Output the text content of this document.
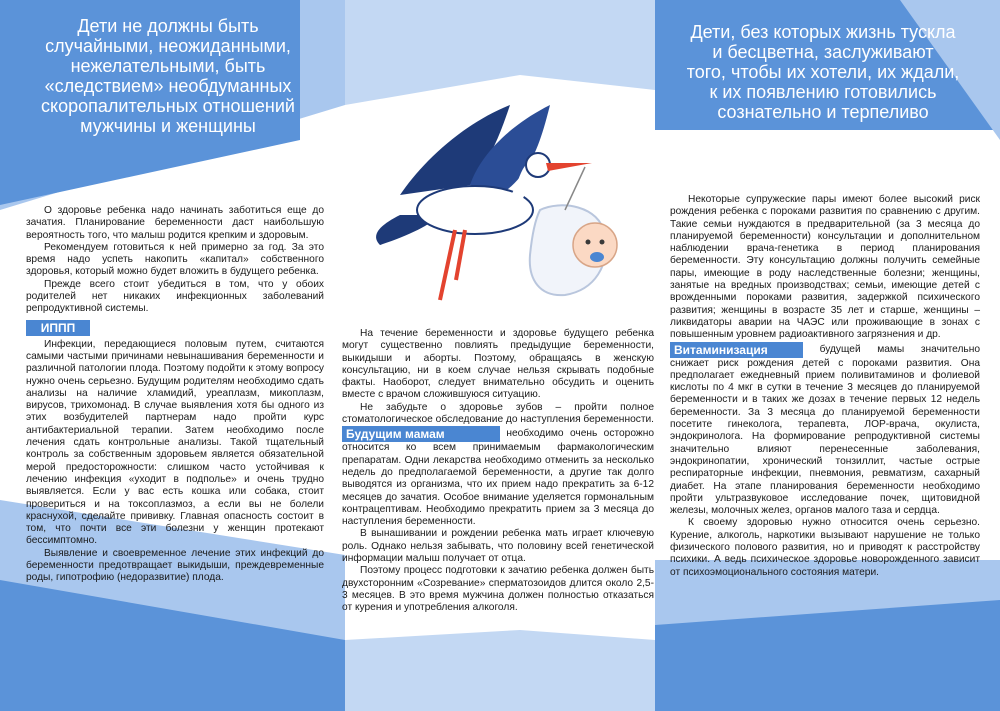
Дети не должны быть
случайными, неожиданными,
нежелательными, быть
«следствием» необдуманных
скоропалительных отношений
мужчины и женщины
Дети, без которых жизнь тускла
и бесцветна, заслуживают
того, чтобы их хотели, их ждали,
к их появлению готовились
сознательно и терпеливо

О здоровье ребенка надо начинать заботиться еще до зачатия. Планирование беременности даст наибольшую вероятность того, что малыш родится крепким и здоровым.

Рекомендуем готовиться к ней примерно за год. За это время надо успеть накопить «капитал» собственного здоровья, который можно будет вложить в будущего ребенка.

Прежде всего стоит убедиться в том, что у обоих родителей нет никаких инфекционных заболеваний репродуктивной системы.

ИППП

Инфекции, передающиеся половым путем, считаются самыми частыми причинами невынашивания беременности и различной патологии плода. Поэтому подойти к этому вопросу нужно очень серьезно. Будущим родителям необходимо сдать анализы на наличие хламидий, уреаплазм, микоплазм, вирусов, трихомонад. В случае выявления хотя бы одного из этих возбудителей партнерам надо пройти курс антибактериальной терапии. Затем необходимо после лечения сдать контрольные анализы. Такой тщательный контроль за собственным здоровьем является обязательной мерой предосторожности: слишком часто устойчивая к лечению инфекция «уходит в подполье» и очень трудно выявляется. Если у вас есть кошка или собака, стоит провериться и на токсоплазмоз, а если вы не болели краснухой, сделайте прививку. Главная опасность состоит в том, что почти все эти болезни у женщин протекают бессимптомно.

Выявление и своевременное лечение этих инфекций до беременности предотвращает выкидыши, преждевременные роды, гипотрофию (недоразвитие) плода.

На течение беременности и здоровье будущего ребенка могут существенно повлиять предыдущие беременности, выкидыши и аборты. Поэтому, обращаясь в женскую консультацию, ни в коем случае нельзя скрывать подобные факты. Наоборот, следует внимательно обсудить и оценить вместе с врачом сложившуюся ситуацию.

Не забудьте о здоровье зубов – пройти полное стоматологическое обследование до наступления беременности.

Будущим мамам	необходимо очень осторожно относится ко всем принимаемым фармакологическим препаратам. Одни лекарства необходимо отменить за несколько недель до предполагаемой беременности, а другие так долго выводятся из организма, что их прием надо прекратить за 6-12 месяцев до зачатия. Особое внимание уделяется гормональным контрацептивам. Необходимо прекратить прием за 3 месяца до наступления беременности.

В вынашивании и рождении ребенка мать играет ключевую роль. Однако нельзя забывать, что половину всей генетической информации малыш получает от отца.

Поэтому процесс подготовки к зачатию ребенка должен быть двухсторонним «Созревание» сперматозоидов длится около 2,5-3 месяцев. В это время мужчина должен полностью отказаться от курения и употребления алкоголя.

Некоторые супружеские пары имеют более высокий риск рождения ребенка с пороками развития по сравнению с другим. Такие семьи нуждаются в предварительной (за 3 месяца до планируемой беременности) консультации и дополнительном наблюдении врача-генетика в период планирования беременности. Эту консультацию должны получить семейные пары, имеющие в роду наследственные болезни; женщины, занятые на вредных производствах; семьи, имеющие детей с врожденными пороками развития, задержкой психического развития; женщины в возрасте 35 лет и старше, женщины – ликвидаторы аварии на ЧАЭС или проживающие в зонах с повышенным уровнем радиоактивного загрязнения и др.

Витаминизация	будущей мамы значительно снижает риск рождения детей с пороками развития. Она предполагает ежедневный прием поливитаминов и фолиевой кислоты по 4 мкг в сутки в течение 3 месяцев до планируемой беременности и в таких же дозах в течение первых 12 недель беременности. За 3 месяца до планируемой беременности посетите гинеколога, терапевта, ЛОР-врача, окулиста, эндокринолога. На формирование репродуктивной системы значительно влияют перенесенные заболевания, эндокринопатии, хронический тонзиллит, частые острые респираторные инфекции, пневмония, ревматизм, сахарный диабет. На этапе планирования беременности необходимо пройти ультразвуковое исследование почек, щитовидной железы, молочных желез, органов малого таза и сердца.

К своему здоровью нужно относится очень серьезно. Курение, алкоголь, наркотики вызывают нарушение не только физического полового развития, но и приводят к расстройству психики. А ведь психическое здоровье новорожденного зависит от психоэмоционального состояния матери.
